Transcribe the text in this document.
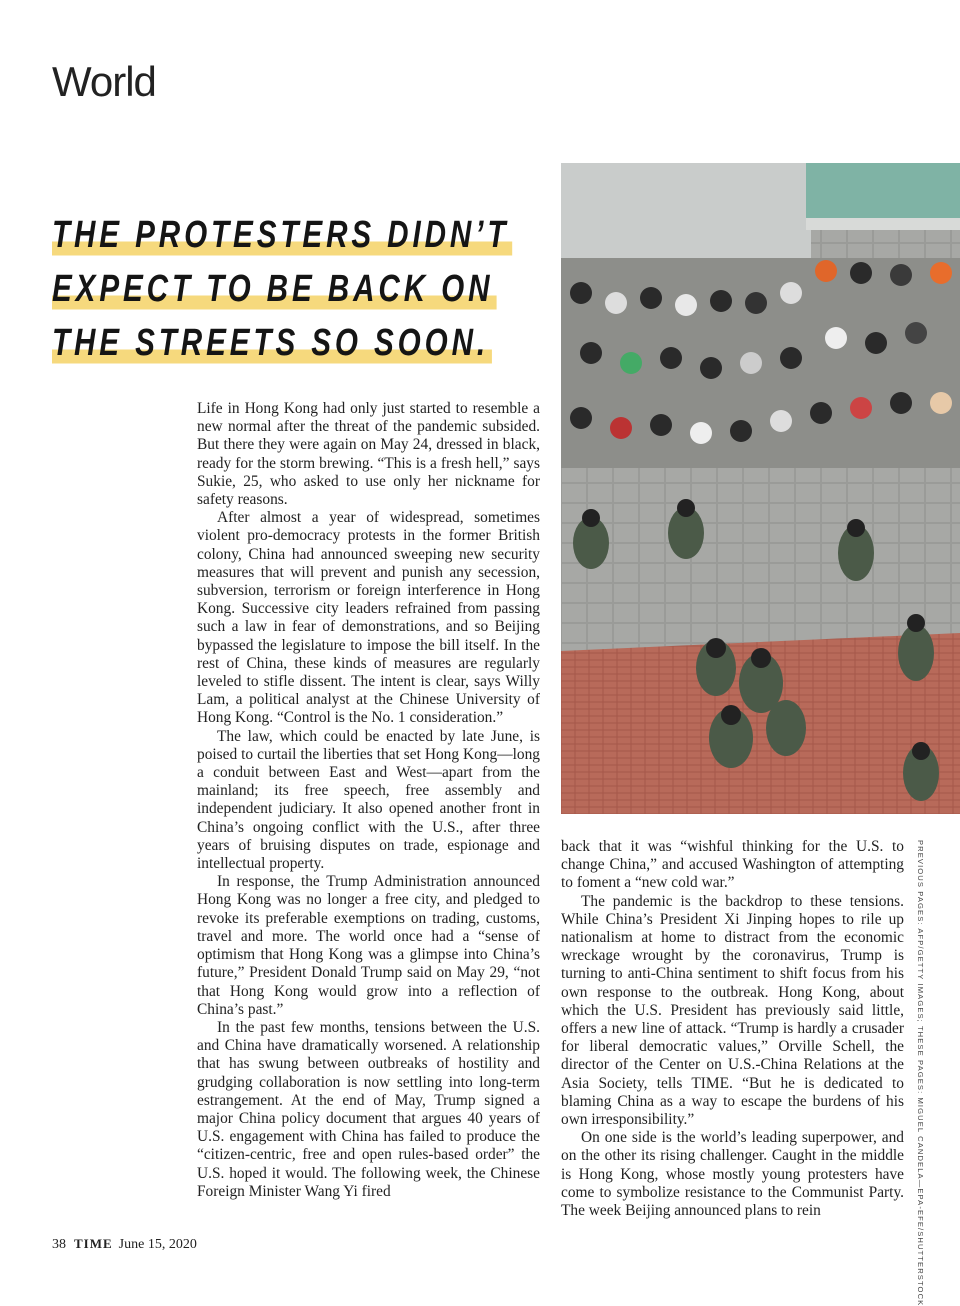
World
THE PROTESTERS DIDN’T
EXPECT TO BE BACK ON
THE STREETS SO SOON.

Life in Hong Kong had only just started to resemble a new normal after the threat of the pandemic subsided. But there they were again on May 24, dressed in black, ready for the storm brewing. “This is a fresh hell,” says Sukie, 25, who asked to use only her nickname for safety reasons.

After almost a year of widespread, sometimes violent pro-democracy protests in the former British colony, China had announced sweeping new security measures that will prevent and punish any secession, subversion, terrorism or foreign interference in Hong Kong. Successive city leaders refrained from passing such a law in fear of demonstrations, and so Beijing bypassed the legislature to impose the bill itself. In the rest of China, these kinds of measures are regularly leveled to stifle dissent. The intent is clear, says Willy Lam, a political analyst at the Chinese University of Hong Kong. “Control is the No. 1 consideration.”

The law, which could be enacted by late June, is poised to curtail the liberties that set Hong Kong—long a conduit between East and West—apart from the mainland; its free speech, free assembly and independent judiciary. It also opened another front in China’s ongoing conflict with the U.S., after three years of bruising disputes on trade, espionage and intellectual property.

In response, the Trump Administration announced Hong Kong was no longer a free city, and pledged to revoke its preferable exemptions on trading, customs, travel and more. The world once had a “sense of optimism that Hong Kong was a glimpse into China’s future,” President Donald Trump said on May 29, “not that Hong Kong would grow into a reflection of China’s past.”

In the past few months, tensions between the U.S. and China have dramatically worsened. A relationship that has swung between outbreaks of hostility and grudging collaboration is now settling into long-term estrangement. At the end of May, Trump signed a major China policy document that argues 40 years of U.S. engagement with China has failed to produce the “citizen-centric, free and open rules-based order” the U.S. hoped it would. The following week, the Chinese Foreign Minister Wang Yi fired

back that it was “wishful thinking for the U.S. to change China,” and accused Washington of attempting to foment a “new cold war.”

The pandemic is the backdrop to these tensions. While China’s President Xi Jinping hopes to rile up nationalism at home to distract from the economic wreckage wrought by the coronavirus, Trump is turning to anti-China sentiment to shift focus from his own response to the outbreak. Hong Kong, about which the U.S. President has previously said little, offers a new line of attack. “Trump is hardly a crusader for liberal democratic values,” Orville Schell, the director of the Center on U.S.-China Relations at the Asia Society, tells TIME. “But he is dedicated to blaming China as a way to escape the burdens of his own irresponsibility.”

On one side is the world’s leading superpower, and on the other its rising challenger. Caught in the middle is Hong Kong, whose mostly young protesters have come to symbolize resistance to the Communist Party. The week Beijing announced plans to rein	PREVIOUS PAGES: AFP/GETTY IMAGES; THESE PAGES: MIGUEL CANDELA—EPA-EFE/SHUTTERSTOCK
38 TIME June 15, 2020
